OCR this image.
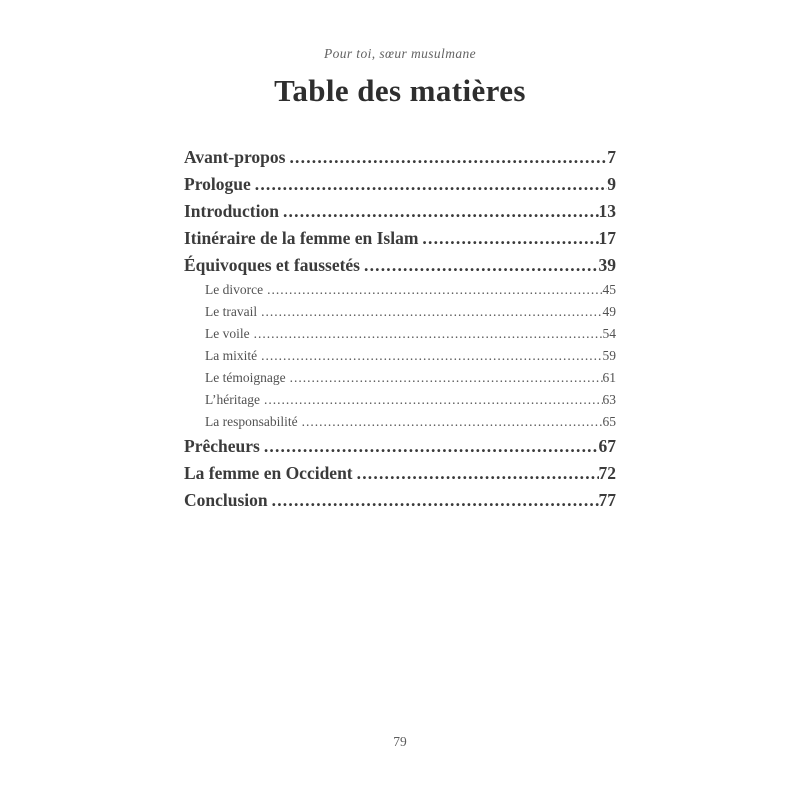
Pour toi, sœur musulmane
Table des matières
Avant-propos .....	7
Prologue .....	9
Introduction .....	13
Itinéraire de la femme en Islam .....	17
Équivoques et faussetés .....	39
Le divorce .....	45
Le travail .....	49
Le voile .....	54
La mixité .....	59
Le témoignage .....	61
L’héritage .....	63
La responsabilité .....	65
Prêcheurs .....	67
La femme en Occident .....	72
Conclusion .....	77
79
